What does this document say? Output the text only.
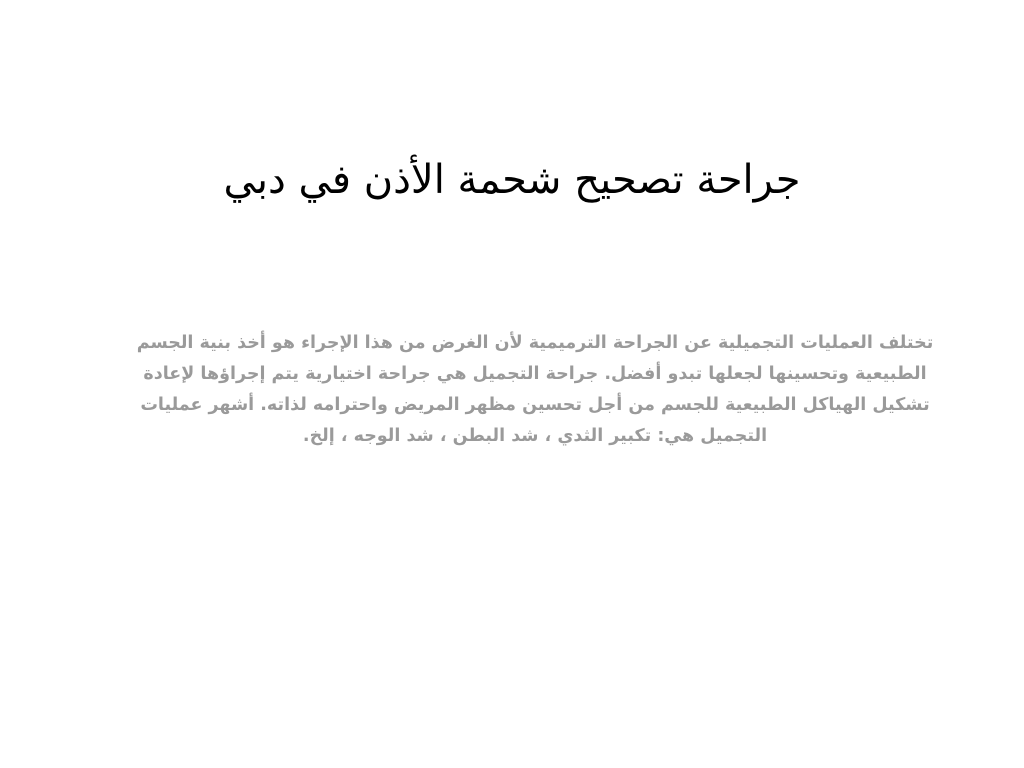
جراحة تصحيح شحمة الأذن في دبي

تختلف العمليات التجميلية عن الجراحة الترميمية لأن الغرض من هذا الإجراء هو أخذ بنية الجسم الطبيعية وتحسينها لجعلها تبدو أفضل. جراحة التجميل هي جراحة اختيارية يتم إجراؤها لإعادة تشكيل الهياكل الطبيعية للجسم من أجل تحسين مظهر المريض واحترامه لذاته. أشهر عمليات التجميل هي: تكبير الثدي ، شد البطن ، شد الوجه ، إلخ.
